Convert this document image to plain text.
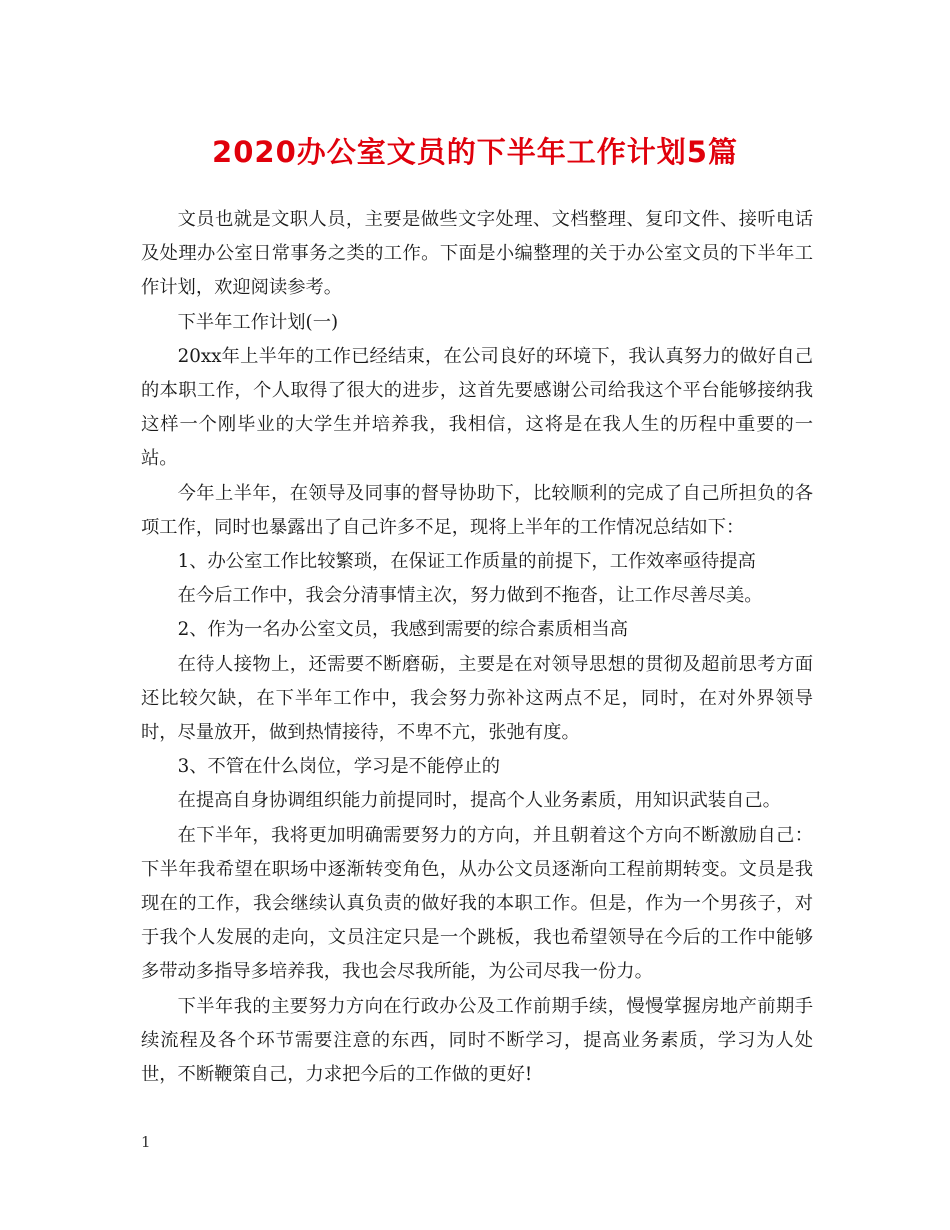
2020办公室文员的下半年工作计划5篇

文员也就是文职人员，主要是做些文字处理、文档整理、复印文件、接听电话及处理办公室日常事务之类的工作。下面是小编整理的关于办公室文员的下半年工作计划，欢迎阅读参考。

下半年工作计划(一)

20xx年上半年的工作已经结束，在公司良好的环境下，我认真努力的做好自己的本职工作，个人取得了很大的进步，这首先要感谢公司给我这个平台能够接纳我这样一个刚毕业的大学生并培养我，我相信，这将是在我人生的历程中重要的一站。

今年上半年，在领导及同事的督导协助下，比较顺利的完成了自己所担负的各项工作，同时也暴露出了自己许多不足，现将上半年的工作情况总结如下：

1、办公室工作比较繁琐，在保证工作质量的前提下，工作效率亟待提高

在今后工作中，我会分清事情主次，努力做到不拖沓，让工作尽善尽美。

2、作为一名办公室文员，我感到需要的综合素质相当高

在待人接物上，还需要不断磨砺，主要是在对领导思想的贯彻及超前思考方面还比较欠缺，在下半年工作中，我会努力弥补这两点不足，同时，在对外界领导时，尽量放开，做到热情接待，不卑不亢，张弛有度。

3、不管在什么岗位，学习是不能停止的

在提高自身协调组织能力前提同时，提高个人业务素质，用知识武装自己。

在下半年，我将更加明确需要努力的方向，并且朝着这个方向不断激励自己：下半年我希望在职场中逐渐转变角色，从办公文员逐渐向工程前期转变。文员是我现在的工作，我会继续认真负责的做好我的本职工作。但是，作为一个男孩子，对于我个人发展的走向，文员注定只是一个跳板，我也希望领导在今后的工作中能够多带动多指导多培养我，我也会尽我所能，为公司尽我一份力。

下半年我的主要努力方向在行政办公及工作前期手续，慢慢掌握房地产前期手续流程及各个环节需要注意的东西，同时不断学习，提高业务素质，学习为人处世，不断鞭策自己，力求把今后的工作做的更好!

1
